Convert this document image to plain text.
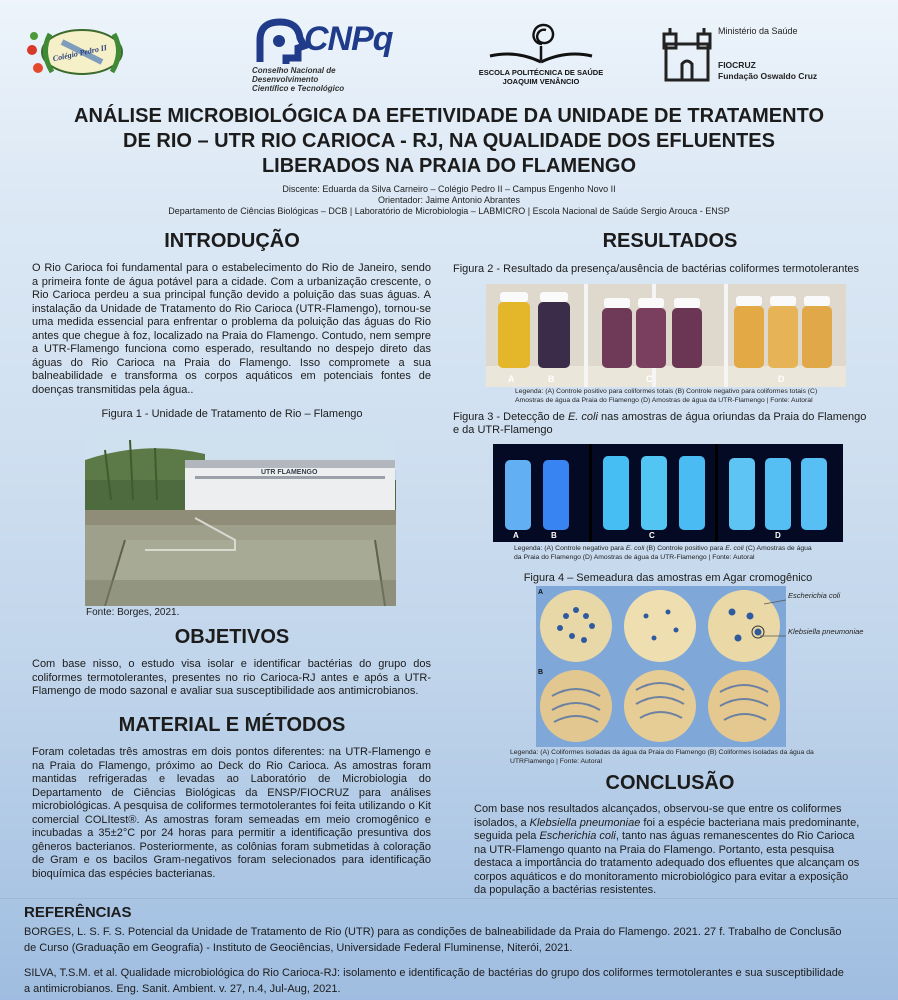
Colégio Pedro II	CNPq
Conselho Nacional de Desenvolvimento
Científico e Tecnológico
ESCOLA POLITÉCNICA DE SAÚDE
JOAQUIM VENÂNCIO
Ministério da Saúde
FIOCRUZ
Fundação Oswaldo Cruz
ANÁLISE MICROBIOLÓGICA DA EFETIVIDADE DA UNIDADE DE TRATAMENTO
DE RIO – UTR RIO CARIOCA - RJ, NA QUALIDADE DOS EFLUENTES
LIBERADOS NA PRAIA DO FLAMENGO
Discente: Eduarda da Silva Carneiro – Colégio Pedro II – Campus Engenho Novo II
Orientador: Jaime Antonio Abrantes
Departamento de Ciências Biológicas – DCB | Laboratório de Microbiologia – LABMICRO | Escola Nacional de Saúde Sergio Arouca - ENSP
INTRODUÇÃO
O Rio Carioca foi fundamental para o estabelecimento do Rio de Janeiro, sendo a primeira fonte de água potável para a cidade. Com a urbanização crescente, o Rio Carioca perdeu a sua principal função devido a poluição das suas águas. A instalação da Unidade de Tratamento do Rio Carioca (UTR-Flamengo), tornou-se uma medida essencial para enfrentar o problema da poluição das águas do Rio antes que chegue à foz, localizado na Praia do Flamengo. Contudo, nem sempre a UTR-Flamengo funciona como esperado, resultando no despejo direto das águas do Rio Carioca na Praia do Flamengo. Isso compromete a sua balneabilidade e transforma os corpos aquáticos em potenciais fontes de doenças transmitidas pela água..
Figura 1 - Unidade de Tratamento de Rio – Flamengo
UTR FLAMENGO
Fonte: Borges, 2021.
OBJETIVOS
Com base nisso, o estudo visa isolar e identificar bactérias do grupo dos coliformes termotolerantes, presentes no rio Carioca-RJ antes e após a UTR-Flamengo de modo sazonal e avaliar sua susceptibilidade aos antimicrobianos.
MATERIAL E MÉTODOS
Foram coletadas três amostras em dois pontos diferentes: na UTR-Flamengo e na Praia do Flamengo, próximo ao Deck do Rio Carioca. As amostras foram mantidas refrigeradas e levadas ao Laboratório de Microbiologia do Departamento de Ciências Biológicas da ENSP/FIOCRUZ para análises microbiológicas. A pesquisa de coliformes termotolerantes foi feita utilizando o Kit comercial COLItest®. As amostras foram semeadas em meio cromogênico e incubadas a 35±2°C por 24 horas para permitir a identificação presuntiva dos gêneros bacterianos. Posteriormente, as colônias foram submetidas à coloração de Gram e os bacilos Gram-negativos foram selecionados para identificação bioquímica das espécies bacterianas.
RESULTADOS
Figura 2 - Resultado da presença/ausência de bactérias coliformes termotolerantes
A	B	C	D
Legenda: (A) Controle positivo para coliformes totais (B) Controle negativo para coliformes totais (C)
Amostras de água da Praia do Flamengo (D) Amostras de água da UTR-Flamengo | Fonte: Autoral
Figura 3 - Detecção de E. coli nas amostras de água oriundas da Praia do Flamengo
e da UTR-Flamengo
A	B	C	D
Legenda: (A) Controle negativo para E. coli (B) Controle positivo para E. coli (C) Amostras de água
da Praia do Flamengo (D) Amostras de água da UTR-Flamengo | Fonte: Autoral
Figura 4 – Semeadura das amostras em Agar cromogênico
A
B
Escherichia coli
Klebsiella pneumoniae
Legenda: (A) Coliformes isoladas da água da Praia do Flamengo (B) Coliformes isoladas da água da
UTRFlamengo | Fonte: Autoral
CONCLUSÃO
Com base nos resultados alcançados, observou-se que entre os coliformes
isolados, a Klebsiella pneumoniae foi a espécie bacteriana mais predominante,
seguida pela Escherichia coli, tanto nas águas remanescentes do Rio Carioca
na UTR-Flamengo quanto na Praia do Flamengo. Portanto, esta pesquisa
destaca a importância do tratamento adequado dos efluentes que alcançam os
corpos aquáticos e do monitoramento microbiológico para evitar a exposição
da população a bactérias resistentes.
REFERÊNCIAS
BORGES, L. S. F. S. Potencial da Unidade de Tratamento de Rio (UTR) para as condições de balneabilidade da Praia do Flamengo. 2021. 27 f. Trabalho de Conclusão
de Curso (Graduação em Geografia) - Instituto de Geociências, Universidade Federal Fluminense, Niterói, 2021.
SILVA, T.S.M. et al. Qualidade microbiológica do Rio Carioca-RJ: isolamento e identificação de bactérias do grupo dos coliformes termotolerantes e sua susceptibilidade
a antimicrobianos. Eng. Sanit. Ambient. v. 27, n.4, Jul-Aug, 2021.
